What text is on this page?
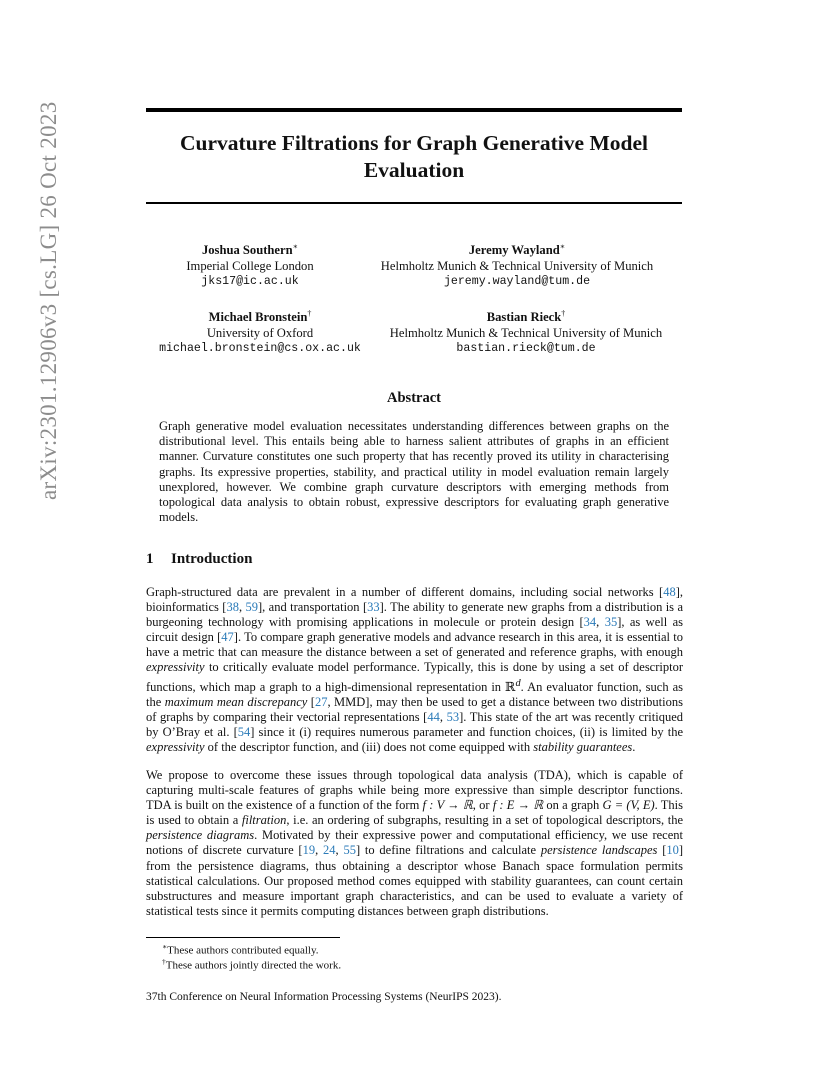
arXiv:2301.12906v3 [cs.LG] 26 Oct 2023	Curvature Filtrations for Graph Generative Model Evaluation
Joshua Southern∗
Imperial College London
jks17@ic.ac.uk
Jeremy Wayland∗
Helmholtz Munich & Technical University of Munich
jeremy.wayland@tum.de
Michael Bronstein†
University of Oxford
michael.bronstein@cs.ox.ac.uk
Bastian Rieck†
Helmholtz Munich & Technical University of Munich
bastian.rieck@tum.de
Abstract
Graph generative model evaluation necessitates understanding differences between graphs on the distributional level. This entails being able to harness salient attributes of graphs in an efficient manner. Curvature constitutes one such property that has recently proved its utility in characterising graphs. Its expressive properties, stability, and practical utility in model evaluation remain largely unexplored, however. We combine graph curvature descriptors with emerging methods from topological data analysis to obtain robust, expressive descriptors for evaluating graph generative models.
1 Introduction
Graph-structured data are prevalent in a number of different domains, including social networks [48], bioinformatics [38, 59], and transportation [33]. The ability to generate new graphs from a distribution is a burgeoning technology with promising applications in molecule or protein design [34, 35], as well as circuit design [47]. To compare graph generative models and advance research in this area, it is essential to have a metric that can measure the distance between a set of generated and reference graphs, with enough expressivity to critically evaluate model performance. Typically, this is done by using a set of descriptor functions, which map a graph to a high-dimensional representation in ℝ$^d$. An evaluator function, such as the maximum mean discrepancy [27, MMD], may then be used to get a distance between two distributions of graphs by comparing their vectorial representations [44, 53]. This state of the art was recently critiqued by O’Bray et al. [54] since it (i) requires numerous parameter and function choices, (ii) is limited by the expressivity of the descriptor function, and (iii) does not come equipped with stability guarantees.
We propose to overcome these issues through topological data analysis (TDA), which is capable of capturing multi-scale features of graphs while being more expressive than simple descriptor functions. TDA is built on the existence of a function of the form f : V → ℝ, or f : E → ℝ on a graph G = (V, E). This is used to obtain a filtration, i.e. an ordering of subgraphs, resulting in a set of topological descriptors, the persistence diagrams. Motivated by their expressive power and computational efficiency, we use recent notions of discrete curvature [19, 24, 55] to define filtrations and calculate persistence landscapes [10] from the persistence diagrams, thus obtaining a descriptor whose Banach space formulation permits statistical calculations. Our proposed method comes equipped with stability guarantees, can count certain substructures and measure important graph characteristics, and can be used to evaluate a variety of statistical tests since it permits computing distances between graph distributions.
∗These authors contributed equally.
†These authors jointly directed the work.
37th Conference on Neural Information Processing Systems (NeurIPS 2023).
